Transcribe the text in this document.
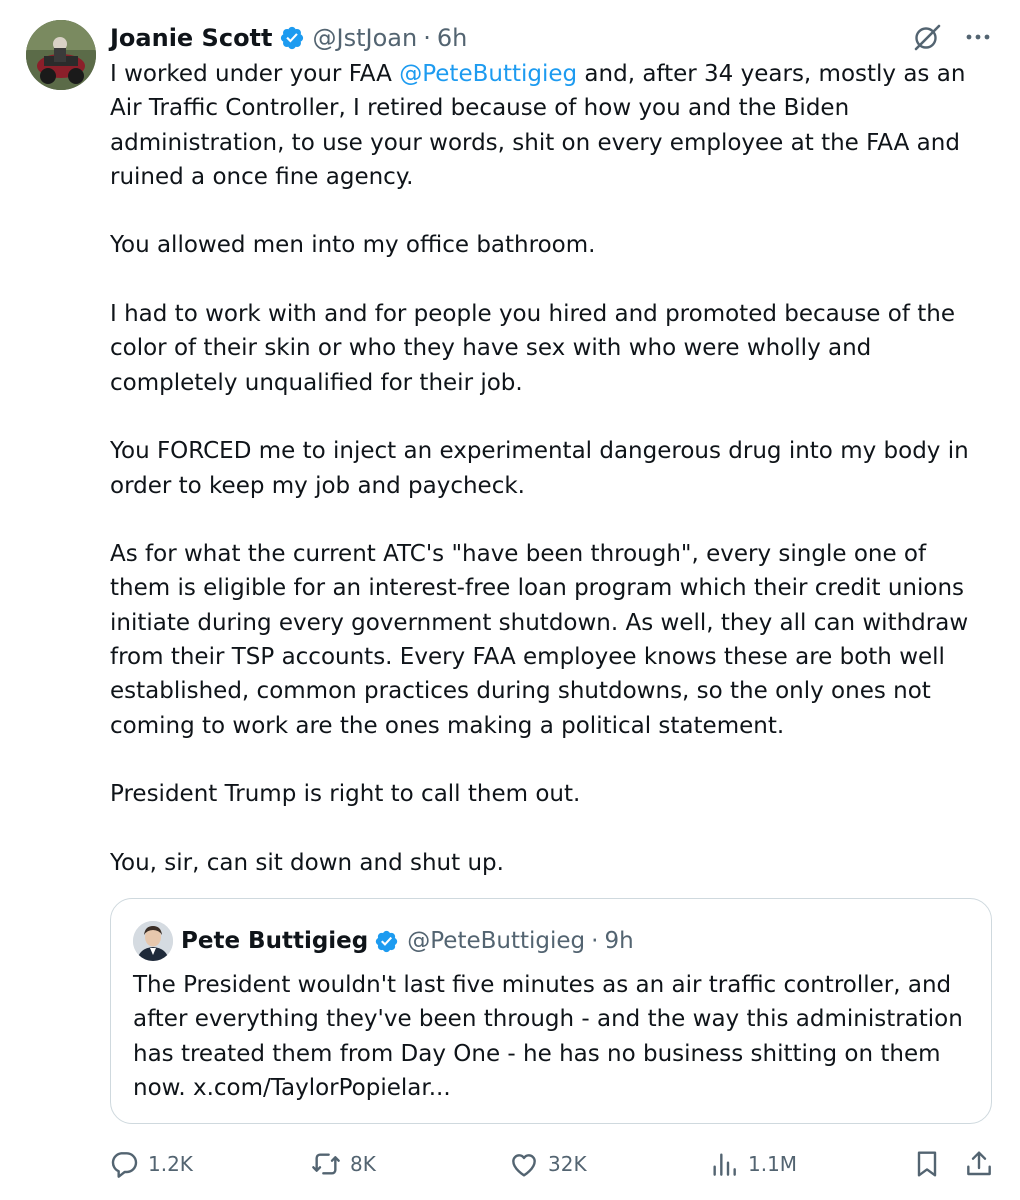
Joanie Scott @JstJoan · 6h

I worked under your FAA @PeteButtigieg and, after 34 years, mostly as an Air Traffic Controller, I retired because of how you and the Biden administration, to use your words, shit on every employee at the FAA and ruined a once fine agency.

You allowed men into my office bathroom.

I had to work with and for people you hired and promoted because of the color of their skin or who they have sex with who were wholly and completely unqualified for their job.

You FORCED me to inject an experimental dangerous drug into my body in order to keep my job and paycheck.

As for what the current ATC's "have been through", every single one of them is eligible for an interest-free loan program which their credit unions initiate during every government shutdown. As well, they all can withdraw from their TSP accounts. Every FAA employee knows these are both well established, common practices during shutdowns, so the only ones not coming to work are the ones making a political statement.

President Trump is right to call them out.

You, sir, can sit down and shut up.

Pete Buttigieg @PeteButtigieg · 9h
The President wouldn't last five minutes as an air traffic controller, and after everything they've been through - and the way this administration has treated them from Day One - he has no business shitting on them now. x.com/TaylorPopielar...
1.2K	8K	32K	1.1M
